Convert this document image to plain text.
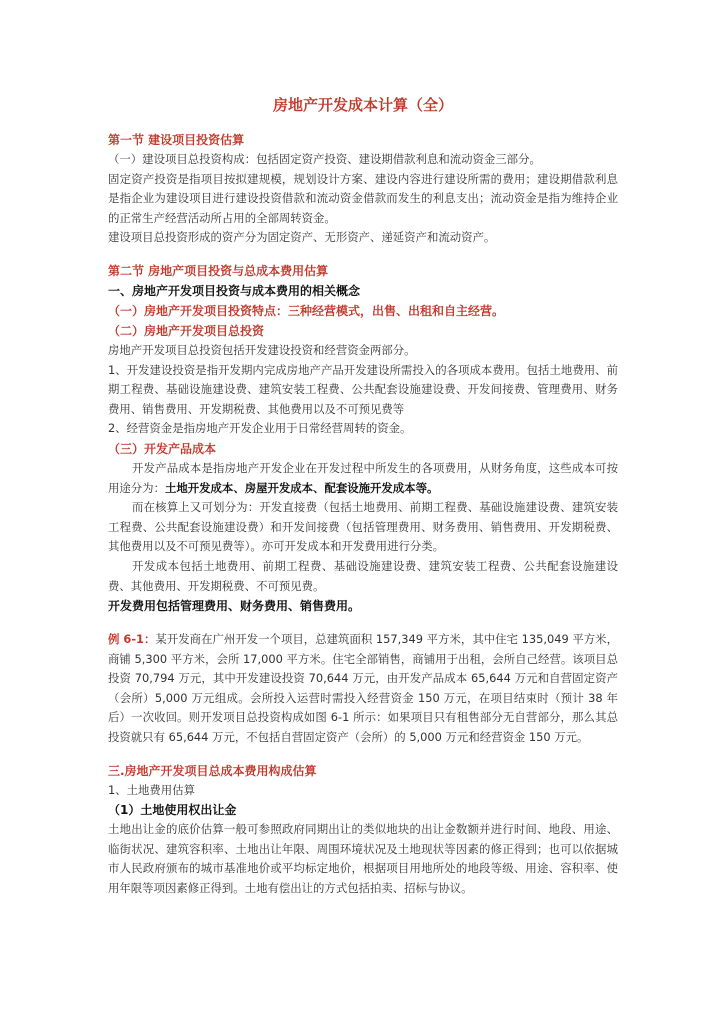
房地产开发成本计算（全）
第一节 建设项目投资估算

（一）建设项目总投资构成：包括固定资产投资、建设期借款利息和流动资金三部分。

固定资产投资是指项目按拟建规模，规划设计方案、建设内容进行建设所需的费用；建设期借款利息是指企业为建设项目进行建设投资借款和流动资金借款而发生的利息支出；流动资金是指为维持企业的正常生产经营活动所占用的全部周转资金。

建设项目总投资形成的资产分为固定资产、无形资产、递延资产和流动资产。

第二节 房地产项目投资与总成本费用估算
一、房地产开发项目投资与成本费用的相关概念
（一）房地产开发项目投资特点：三种经营模式，出售、出租和自主经营。
（二）房地产开发项目总投资

房地产开发项目总投资包括开发建设投资和经营资金两部分。

1、开发建设投资是指开发期内完成房地产产品开发建设所需投入的各项成本费用。包括土地费用、前期工程费、基础设施建设费、建筑安装工程费、公共配套设施建设费、开发间接费、管理费用、财务费用、销售费用、开发期税费、其他费用以及不可预见费等

2、经营资金是指房地产开发企业用于日常经营周转的资金。

（三）开发产品成本

开发产品成本是指房地产开发企业在开发过程中所发生的各项费用，从财务角度，这些成本可按用途分为：土地开发成本、房屋开发成本、配套设施开发成本等。

而在核算上又可划分为：开发直接费（包括土地费用、前期工程费、基础设施建设费、建筑安装工程费、公共配套设施建设费）和开发间接费（包括管理费用、财务费用、销售费用、开发期税费、其他费用以及不可预见费等）。亦可开发成本和开发费用进行分类。

开发成本包括土地费用、前期工程费、基础设施建设费、建筑安装工程费、公共配套设施建设费、其他费用、开发期税费、不可预见费。

开发费用包括管理费用、财务费用、销售费用。

例 6-1：某开发商在广州开发一个项目，总建筑面积 157,349 平方米，其中住宅 135,049 平方米，商铺 5,300 平方米，会所 17,000 平方米。住宅全部销售，商铺用于出租，会所自己经营。该项目总投资 70,794 万元，其中开发建设投资 70,644 万元，由开发产品成本 65,644 万元和自营固定资产（会所）5,000 万元组成。会所投入运营时需投入经营资金 150 万元，在项目结束时（预计 38 年后）一次收回。则开发项目总投资构成如图 6-1 所示：如果项目只有租售部分无自营部分，那么其总投资就只有 65,644 万元，不包括自营固定资产（会所）的 5,000 万元和经营资金 150 万元。

三.房地产开发项目总成本费用构成估算

1、土地费用估算

（1）土地使用权出让金

土地出让金的底价估算一般可参照政府同期出让的类似地块的出让金数额并进行时间、地段、用途、临街状况、建筑容积率、土地出让年限、周围环境状况及土地现状等因素的修正得到；也可以依据城市人民政府颁布的城市基准地价或平均标定地价，根据项目用地所处的地段等级、用途、容积率、使用年限等项因素修正得到。土地有偿出让的方式包括拍卖、招标与协议。
